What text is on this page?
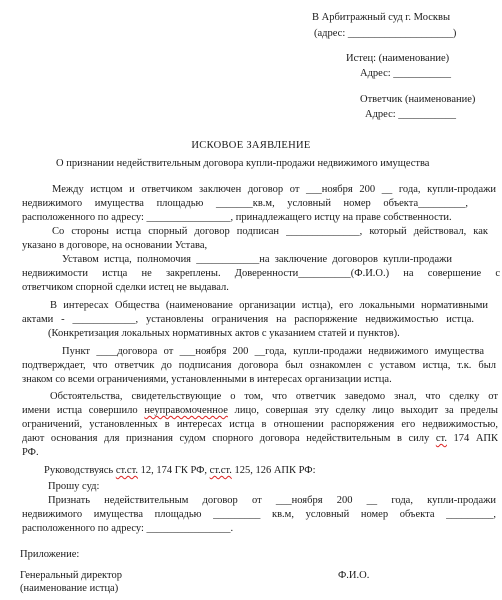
В Арбитражный суд г. Москвы
(адрес: ____________________)
Истец: (наименование)
Адрес: ___________
Ответчик (наименование)
Адрес: ___________
ИСКОВОЕ ЗАЯВЛЕНИЕ
О признании недействительным договора купли-продажи недвижимого имущества
Между истцом и ответчиком заключен договор от ___ноября 200 __ года, купли-продажи
недвижимого имущества площадью _______кв.м, условный номер объекта_________,
расположенного по адресу: ________________, принадлежащего истцу на праве собственности.
Со стороны истца спорный договор подписан ______________, который действовал, как
указано в договоре, на основании Устава,
Уставом истца, полномочия ____________на заключение договоров купли-продажи
недвижимости истца не закреплены. Доверенности__________(Ф.И.О.) на совершение с
ответчиком спорной сделки истец не выдавал.
В интересах Общества (наименование организации истца), его локальными нормативными
актами - ____________, установлены ограничения на распоряжение недвижимостью истца.
(Конкретизация локальных нормативных актов с указанием статей и пунктов).
Пункт ____договора от ___ноября 200 __года, купли-продажи недвижимого имущества
подтверждает, что ответчик до подписания договора был ознакомлен с уставом истца, т.к. был
знаком со всеми ограничениями, установленными в интересах организации истца.
Обстоятельства, свидетельствующие о том, что ответчик заведомо знал, что сделку от
имени истца совершило неуправомоченное лицо, совершая эту сделку лицо выходит за пределы
ограничений, установленных в интересах истца в отношении распоряжения его недвижимостью,
дают основания для признания судом спорного договора недействительным в силу ст. 174 АПК
РФ.
Руководствуясь ст.ст. 12, 174 ГК РФ, ст.ст. 125, 126 АПК РФ:
Прошу суд:
Признать недействительным договор от ___ноября 200 __ года, купли-продажи
недвижимого имущества площадью _________ кв.м, условный номер объекта _________,
расположенного по адресу: ________________.
Приложение:
Генеральный директор
(наименование истца)
Ф.И.О.
